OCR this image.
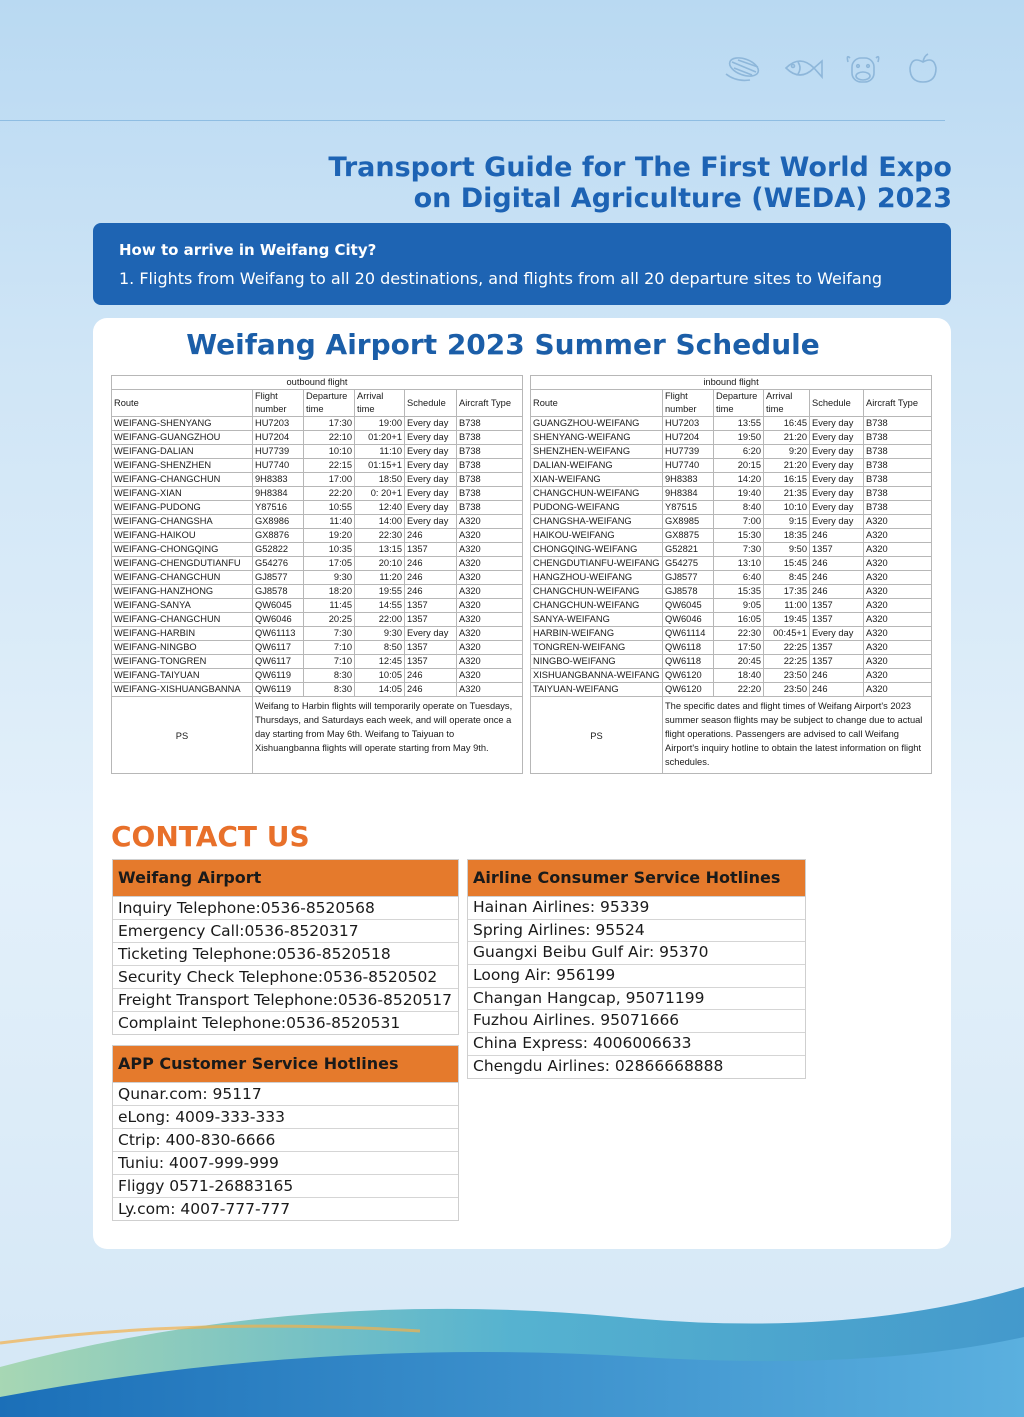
Transport Guide for The First World Expo
on Digital Agriculture (WEDA) 2023
How to arrive in Weifang City?
1. Flights from Weifang to all 20 destinations, and flights from all 20 departure sites to Weifang
Weifang Airport 2023 Summer Schedule
outbound flight					
Route	Flight number	Departure time	Arrival time	Schedule	Aircraft Type
WEIFANG-SHENYANG	HU7203	17:30	19:00	Every day	B738
WEIFANG-GUANGZHOU	HU7204	22:10	01:20+1	Every day	B738
WEIFANG-DALIAN	HU7739	10:10	11:10	Every day	B738
WEIFANG-SHENZHEN	HU7740	22:15	01:15+1	Every day	B738
WEIFANG-CHANGCHUN	9H8383	17:00	18:50	Every day	B738
WEIFANG-XIAN	9H8384	22:20	0: 20+1	Every day	B738
WEIFANG-PUDONG	Y87516	10:55	12:40	Every day	B738
WEIFANG-CHANGSHA	GX8986	11:40	14:00	Every day	A320
WEIFANG-HAIKOU	GX8876	19:20	22:30	246	A320
WEIFANG-CHONGQING	G52822	10:35	13:15	1357	A320
WEIFANG-CHENGDUTIANFU	G54276	17:05	20:10	246	A320
WEIFANG-CHANGCHUN	GJ8577	9:30	11:20	246	A320
WEIFANG-HANZHONG	GJ8578	18:20	19:55	246	A320
WEIFANG-SANYA	QW6045	11:45	14:55	1357	A320
WEIFANG-CHANGCHUN	QW6046	20:25	22:00	1357	A320
WEIFANG-HARBIN	QW61113	7:30	9:30	Every day	A320
WEIFANG-NINGBO	QW6117	7:10	8:50	1357	A320
WEIFANG-TONGREN	QW6117	7:10	12:45	1357	A320
WEIFANG-TAIYUAN	QW6119	8:30	10:05	246	A320
WEIFANG-XISHUANGBANNA	QW6119	8:30	14:05	246	A320
PS	Weifang to Harbin flights will temporarily operate on Tuesdays, Thursdays, and Saturdays each week, and will operate once a day starting from May 6th. Weifang to Taiyuan to Xishuangbanna flights will operate starting from May 9th.				
inbound flight					
Route	Flight number	Departure time	Arrival time	Schedule	Aircraft Type
GUANGZHOU-WEIFANG	HU7203	13:55	16:45	Every day	B738
SHENYANG-WEIFANG	HU7204	19:50	21:20	Every day	B738
SHENZHEN-WEIFANG	HU7739	6:20	9:20	Every day	B738
DALIAN-WEIFANG	HU7740	20:15	21:20	Every day	B738
XIAN-WEIFANG	9H8383	14:20	16:15	Every day	B738
CHANGCHUN-WEIFANG	9H8384	19:40	21:35	Every day	B738
PUDONG-WEIFANG	Y87515	8:40	10:10	Every day	B738
CHANGSHA-WEIFANG	GX8985	7:00	9:15	Every day	A320
HAIKOU-WEIFANG	GX8875	15:30	18:35	246	A320
CHONGQING-WEIFANG	G52821	7:30	9:50	1357	A320
CHENGDUTIANFU-WEIFANG	G54275	13:10	15:45	246	A320
HANGZHOU-WEIFANG	GJ8577	6:40	8:45	246	A320
CHANGCHUN-WEIFANG	GJ8578	15:35	17:35	246	A320
CHANGCHUN-WEIFANG	QW6045	9:05	11:00	1357	A320
SANYA-WEIFANG	QW6046	16:05	19:45	1357	A320
HARBIN-WEIFANG	QW61114	22:30	00:45+1	Every day	A320
TONGREN-WEIFANG	QW6118	17:50	22:25	1357	A320
NINGBO-WEIFANG	QW6118	20:45	22:25	1357	A320
XISHUANGBANNA-WEIFANG	QW6120	18:40	23:50	246	A320
TAIYUAN-WEIFANG	QW6120	22:20	23:50	246	A320
PS	The specific dates and flight times of Weifang Airport's 2023 summer season flights may be subject to change due to actual flight operations. Passengers are advised to call Weifang Airport's inquiry hotline to obtain the latest information on flight schedules.				
CONTACT US
Weifang Airport
Inquiry Telephone:0536-8520568
Emergency Call:0536-8520317
Ticketing Telephone:0536-8520518
Security Check Telephone:0536-8520502
Freight Transport Telephone:0536-8520517
Complaint Telephone:0536-8520531
APP Customer Service Hotlines
Qunar.com: 95117
eLong: 4009-333-333
Ctrip: 400-830-6666
Tuniu: 4007-999-999
Fliggy 0571-26883165
Ly.com: 4007-777-777
Airline Consumer Service Hotlines
Hainan Airlines: 95339
Spring Airlines: 95524
Guangxi Beibu Gulf Air: 95370
Loong Air: 956199
Changan Hangcap, 95071199
Fuzhou Airlines. 95071666
China Express: 4006006633
Chengdu Airlines: 02866668888
